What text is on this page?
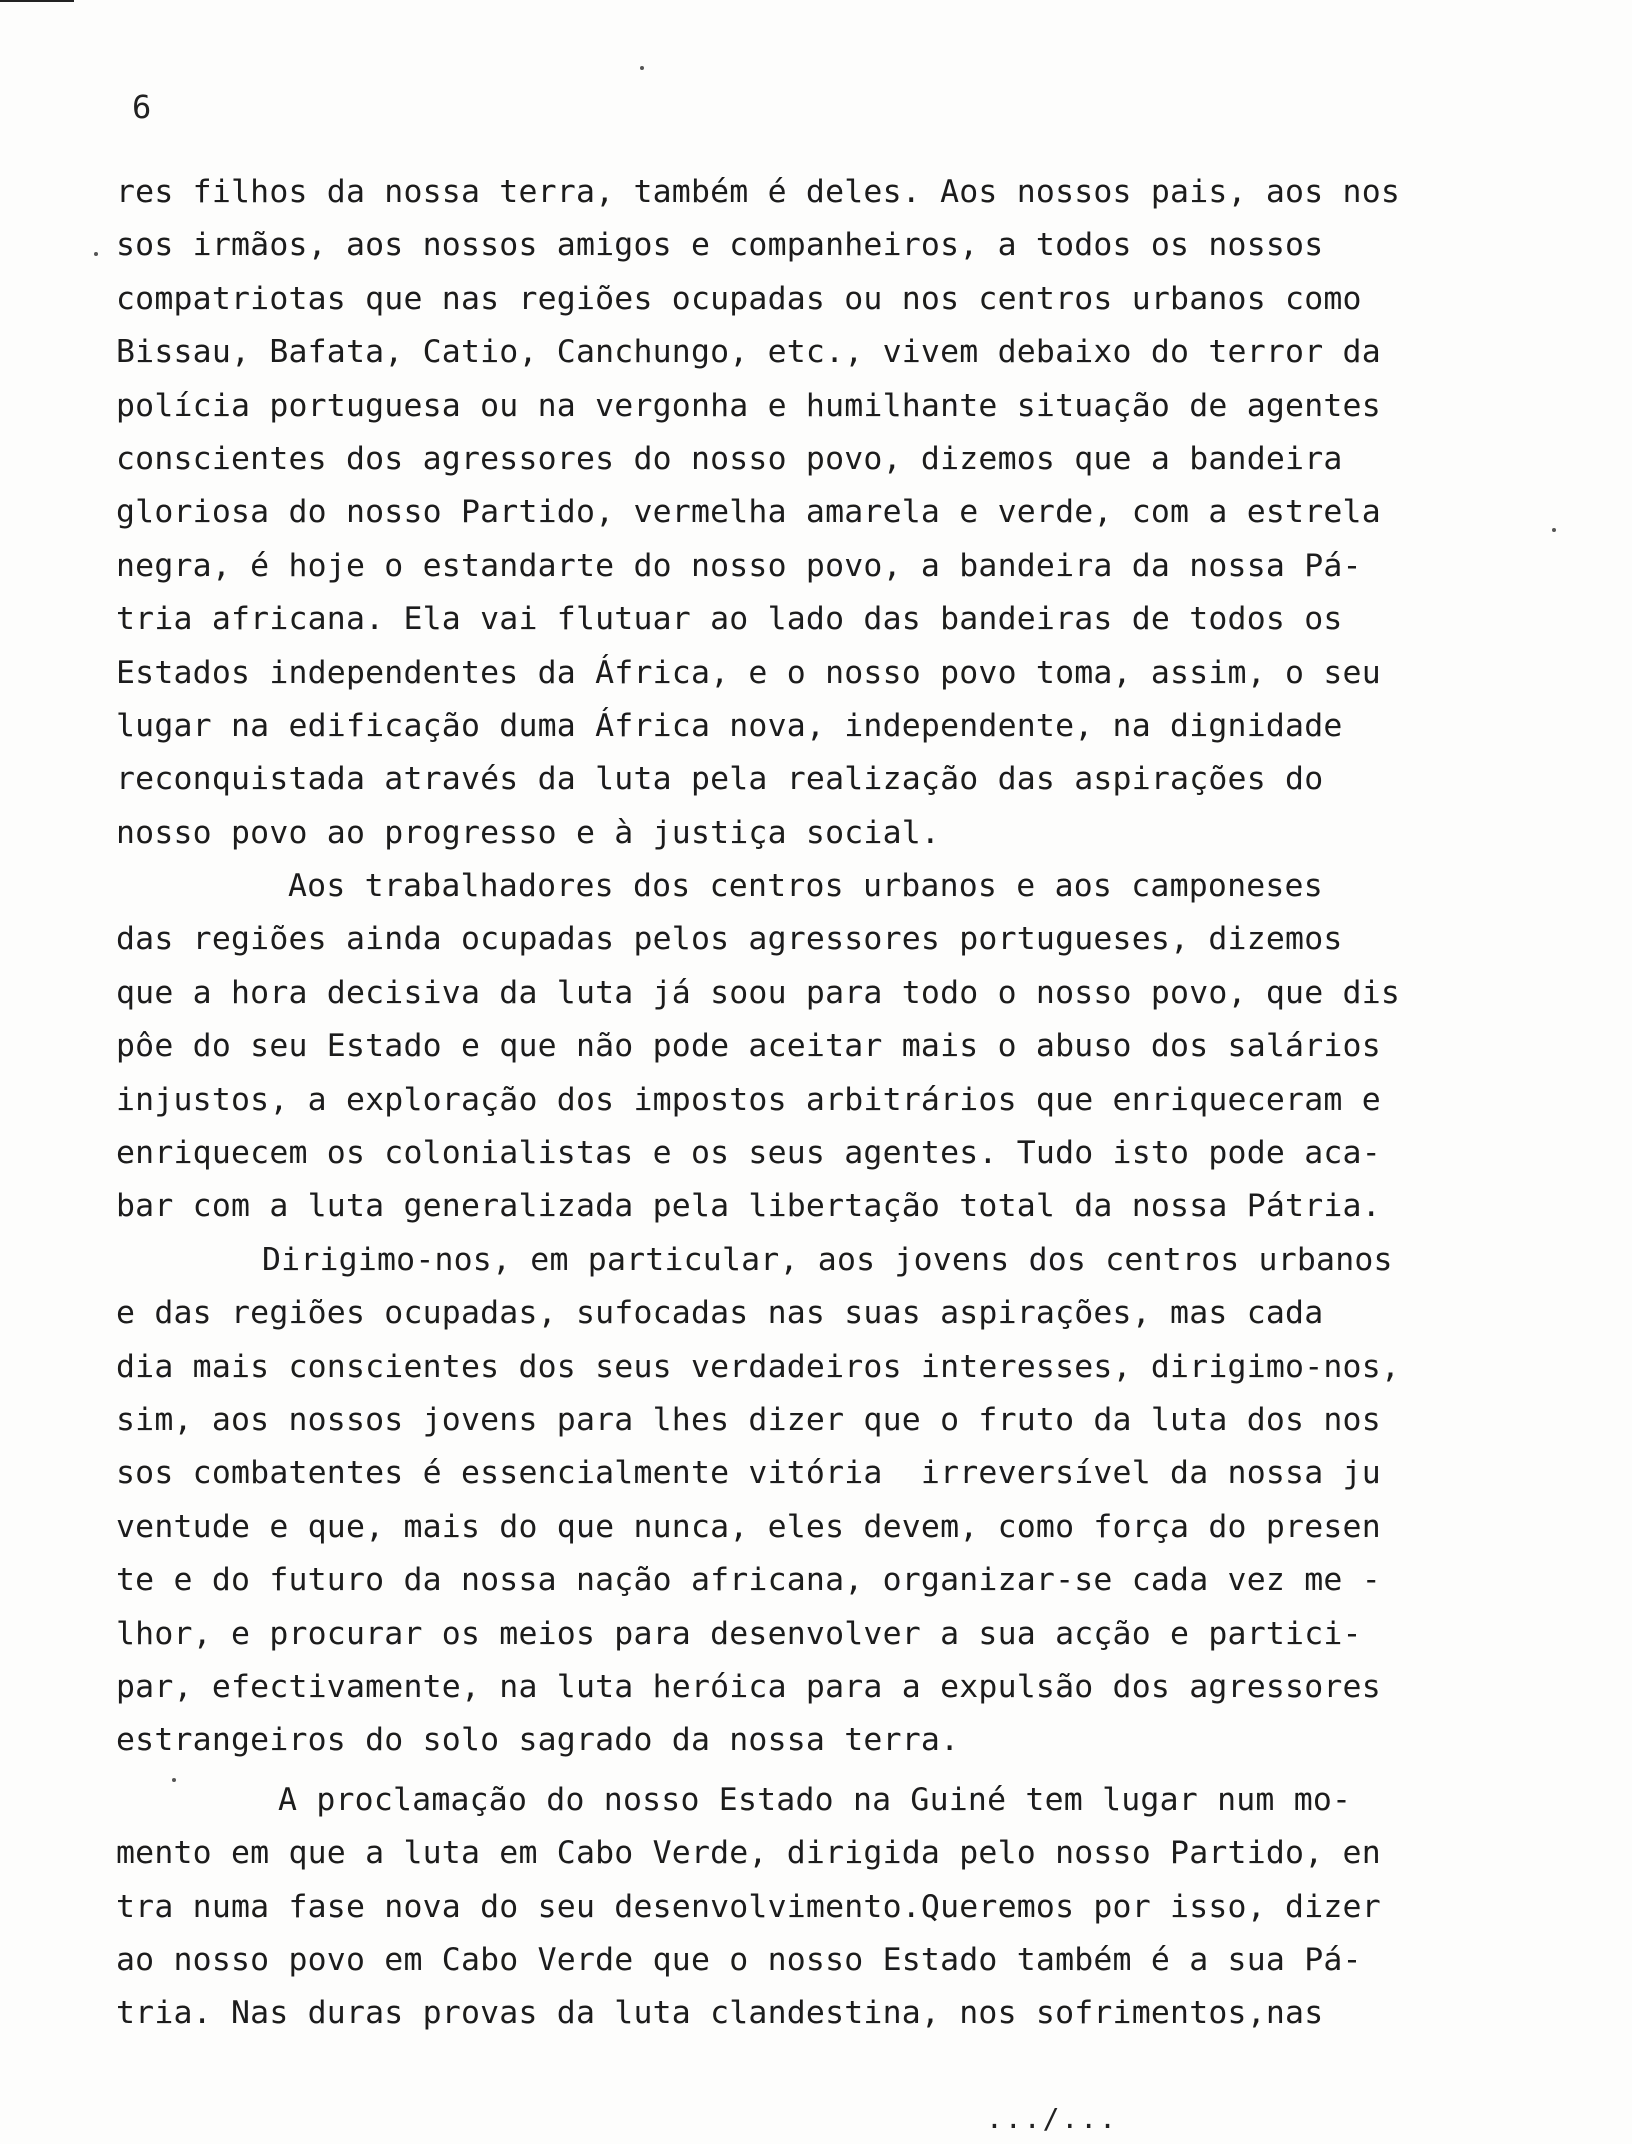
6
res filhos da nossa terra, também é deles. Aos nossos pais, aos nos
sos irmãos, aos nossos amigos e companheiros, a todos os nossos
compatriotas que nas regiões ocupadas ou nos centros urbanos como
Bissau, Bafata, Catio, Canchungo, etc., vivem debaixo do terror da
polícia portuguesa ou na vergonha e humilhante situação de agentes
conscientes dos agressores do nosso povo, dizemos que a bandeira
gloriosa do nosso Partido, vermelha amarela e verde, com a estrela
negra, é hoje o estandarte do nosso povo, a bandeira da nossa Pá-
tria africana. Ela vai flutuar ao lado das bandeiras de todos os
Estados independentes da África, e o nosso povo toma, assim, o seu
lugar na edificação duma África nova, independente, na dignidade
reconquistada através da luta pela realização das aspirações do
nosso povo ao progresso e à justiça social.
Aos trabalhadores dos centros urbanos e aos camponeses
das regiões ainda ocupadas pelos agressores portugueses, dizemos
que a hora decisiva da luta já soou para todo o nosso povo, que dis
pôe do seu Estado e que não pode aceitar mais o abuso dos salários
injustos, a exploração dos impostos arbitrários que enriqueceram e
enriquecem os colonialistas e os seus agentes. Tudo isto pode aca-
bar com a luta generalizada pela libertação total da nossa Pátria.
Dirigimo-nos, em particular, aos jovens dos centros urbanos
e das regiões ocupadas, sufocadas nas suas aspirações, mas cada
dia mais conscientes dos seus verdadeiros interesses, dirigimo-nos,
sim, aos nossos jovens para lhes dizer que o fruto da luta dos nos
sos combatentes é essencialmente vitória  irreversível da nossa ju
ventude e que, mais do que nunca, eles devem, como força do presen
te e do futuro da nossa nação africana, organizar-se cada vez me -
lhor, e procurar os meios para desenvolver a sua acção e partici-
par, efectivamente, na luta heróica para a expulsão dos agressores
estrangeiros do solo sagrado da nossa terra.
A proclamação do nosso Estado na Guiné tem lugar num mo-
mento em que a luta em Cabo Verde, dirigida pelo nosso Partido, en
tra numa fase nova do seu desenvolvimento.Queremos por isso, dizer
ao nosso povo em Cabo Verde que o nosso Estado também é a sua Pá-
tria. Nas duras provas da luta clandestina, nos sofrimentos,nas
.../...
